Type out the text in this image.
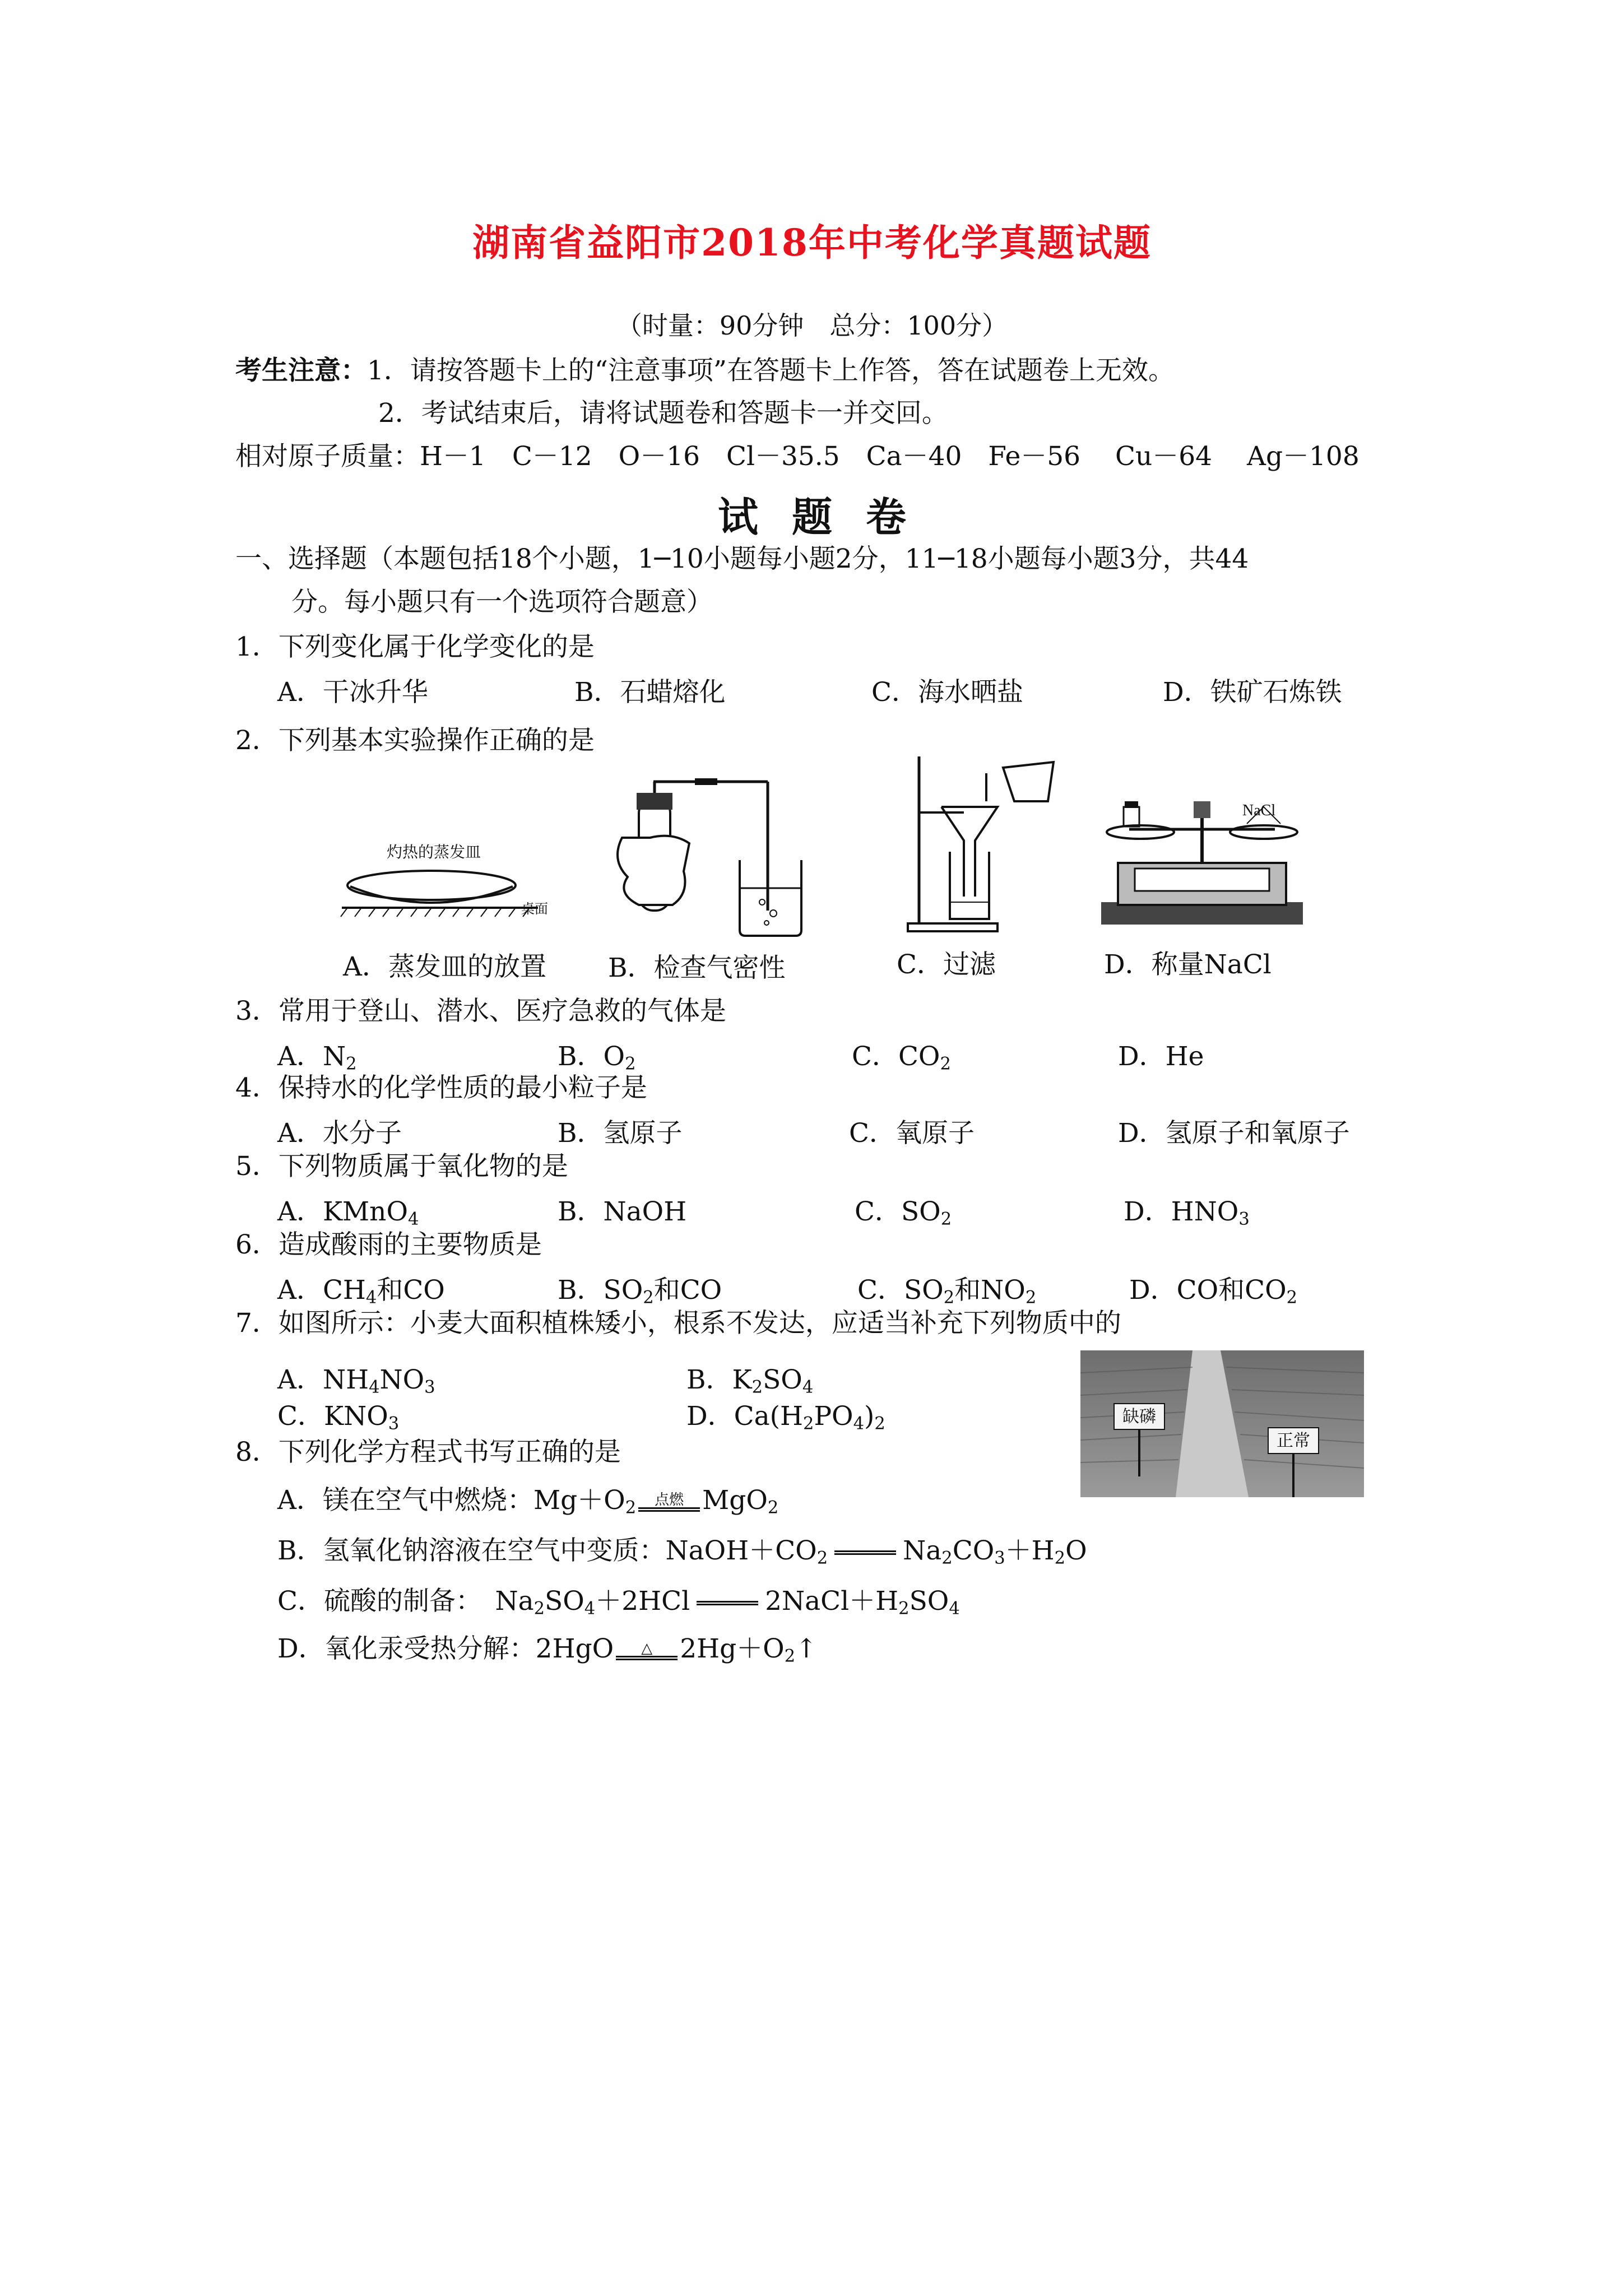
湖南省益阳市2018年中考化学真题试题
（时量：90分钟　总分：100分）
考生注意：1．请按答题卡上的“注意事项”在答题卡上作答，答在试题卷上无效。
2．考试结束后，请将试题卷和答题卡一并交回。
相对原子质量：H－1　C－12　O－16　Cl－35.5　Ca－40　Fe－56　 Cu－64　 Ag－108
试题卷
一、选择题（本题包括18个小题，1─10小题每小题2分，11─18小题每小题3分，共44
分。每小题只有一个选项符合题意）
1．下列变化属于化学变化的是
A．干冰升华	B．石蜡熔化	C．海水晒盐	D．铁矿石炼铁
2．下列基本实验操作正确的是
灼热的蒸发皿
桌面
NaCl
A．蒸发皿的放置 B．检查气密性	C．过滤	D．称量NaCl
3．常用于登山、潜水、医疗急救的气体是
A．$N_2$	B．$O_2$	C．$CO_2$	D．He
4．保持水的化学性质的最小粒子是
A．水分子	B．氢原子	C．氧原子	D．氢原子和氧原子
5．下列物质属于氧化物的是
A．KMnO$_4$	B．NaOH	C．$SO_2$	D．$HNO_3$
6．造成酸雨的主要物质是
A．$CH_4$和CO	B．$SO_2$和CO	C．$SO_2$和$NO_2$	D．CO和$CO_2$
7．如图所示：小麦大面积植株矮小，根系不发达，应适当补充下列物质中的
A．$NH_4NO_3$	B．$K_2SO_4$
C．$KNO_3$	D．$Ca(H_2PO_4)_2$	缺磷
正常
8．下列化学方程式书写正确的是
A．镁在空气中燃烧：$Mg+O_2$	点燃 MgO$_2$
B．氢氧化钠溶液在空气中变质：$NaOH+CO_2$	$Na_2CO_3+H_2O$
C．硫酸的制备：　$Na_2SO_4+2HCl$	$2NaCl+H_2SO_4$
D．氧化汞受热分解：2HgO	△	$2Hg+O_2↑$
